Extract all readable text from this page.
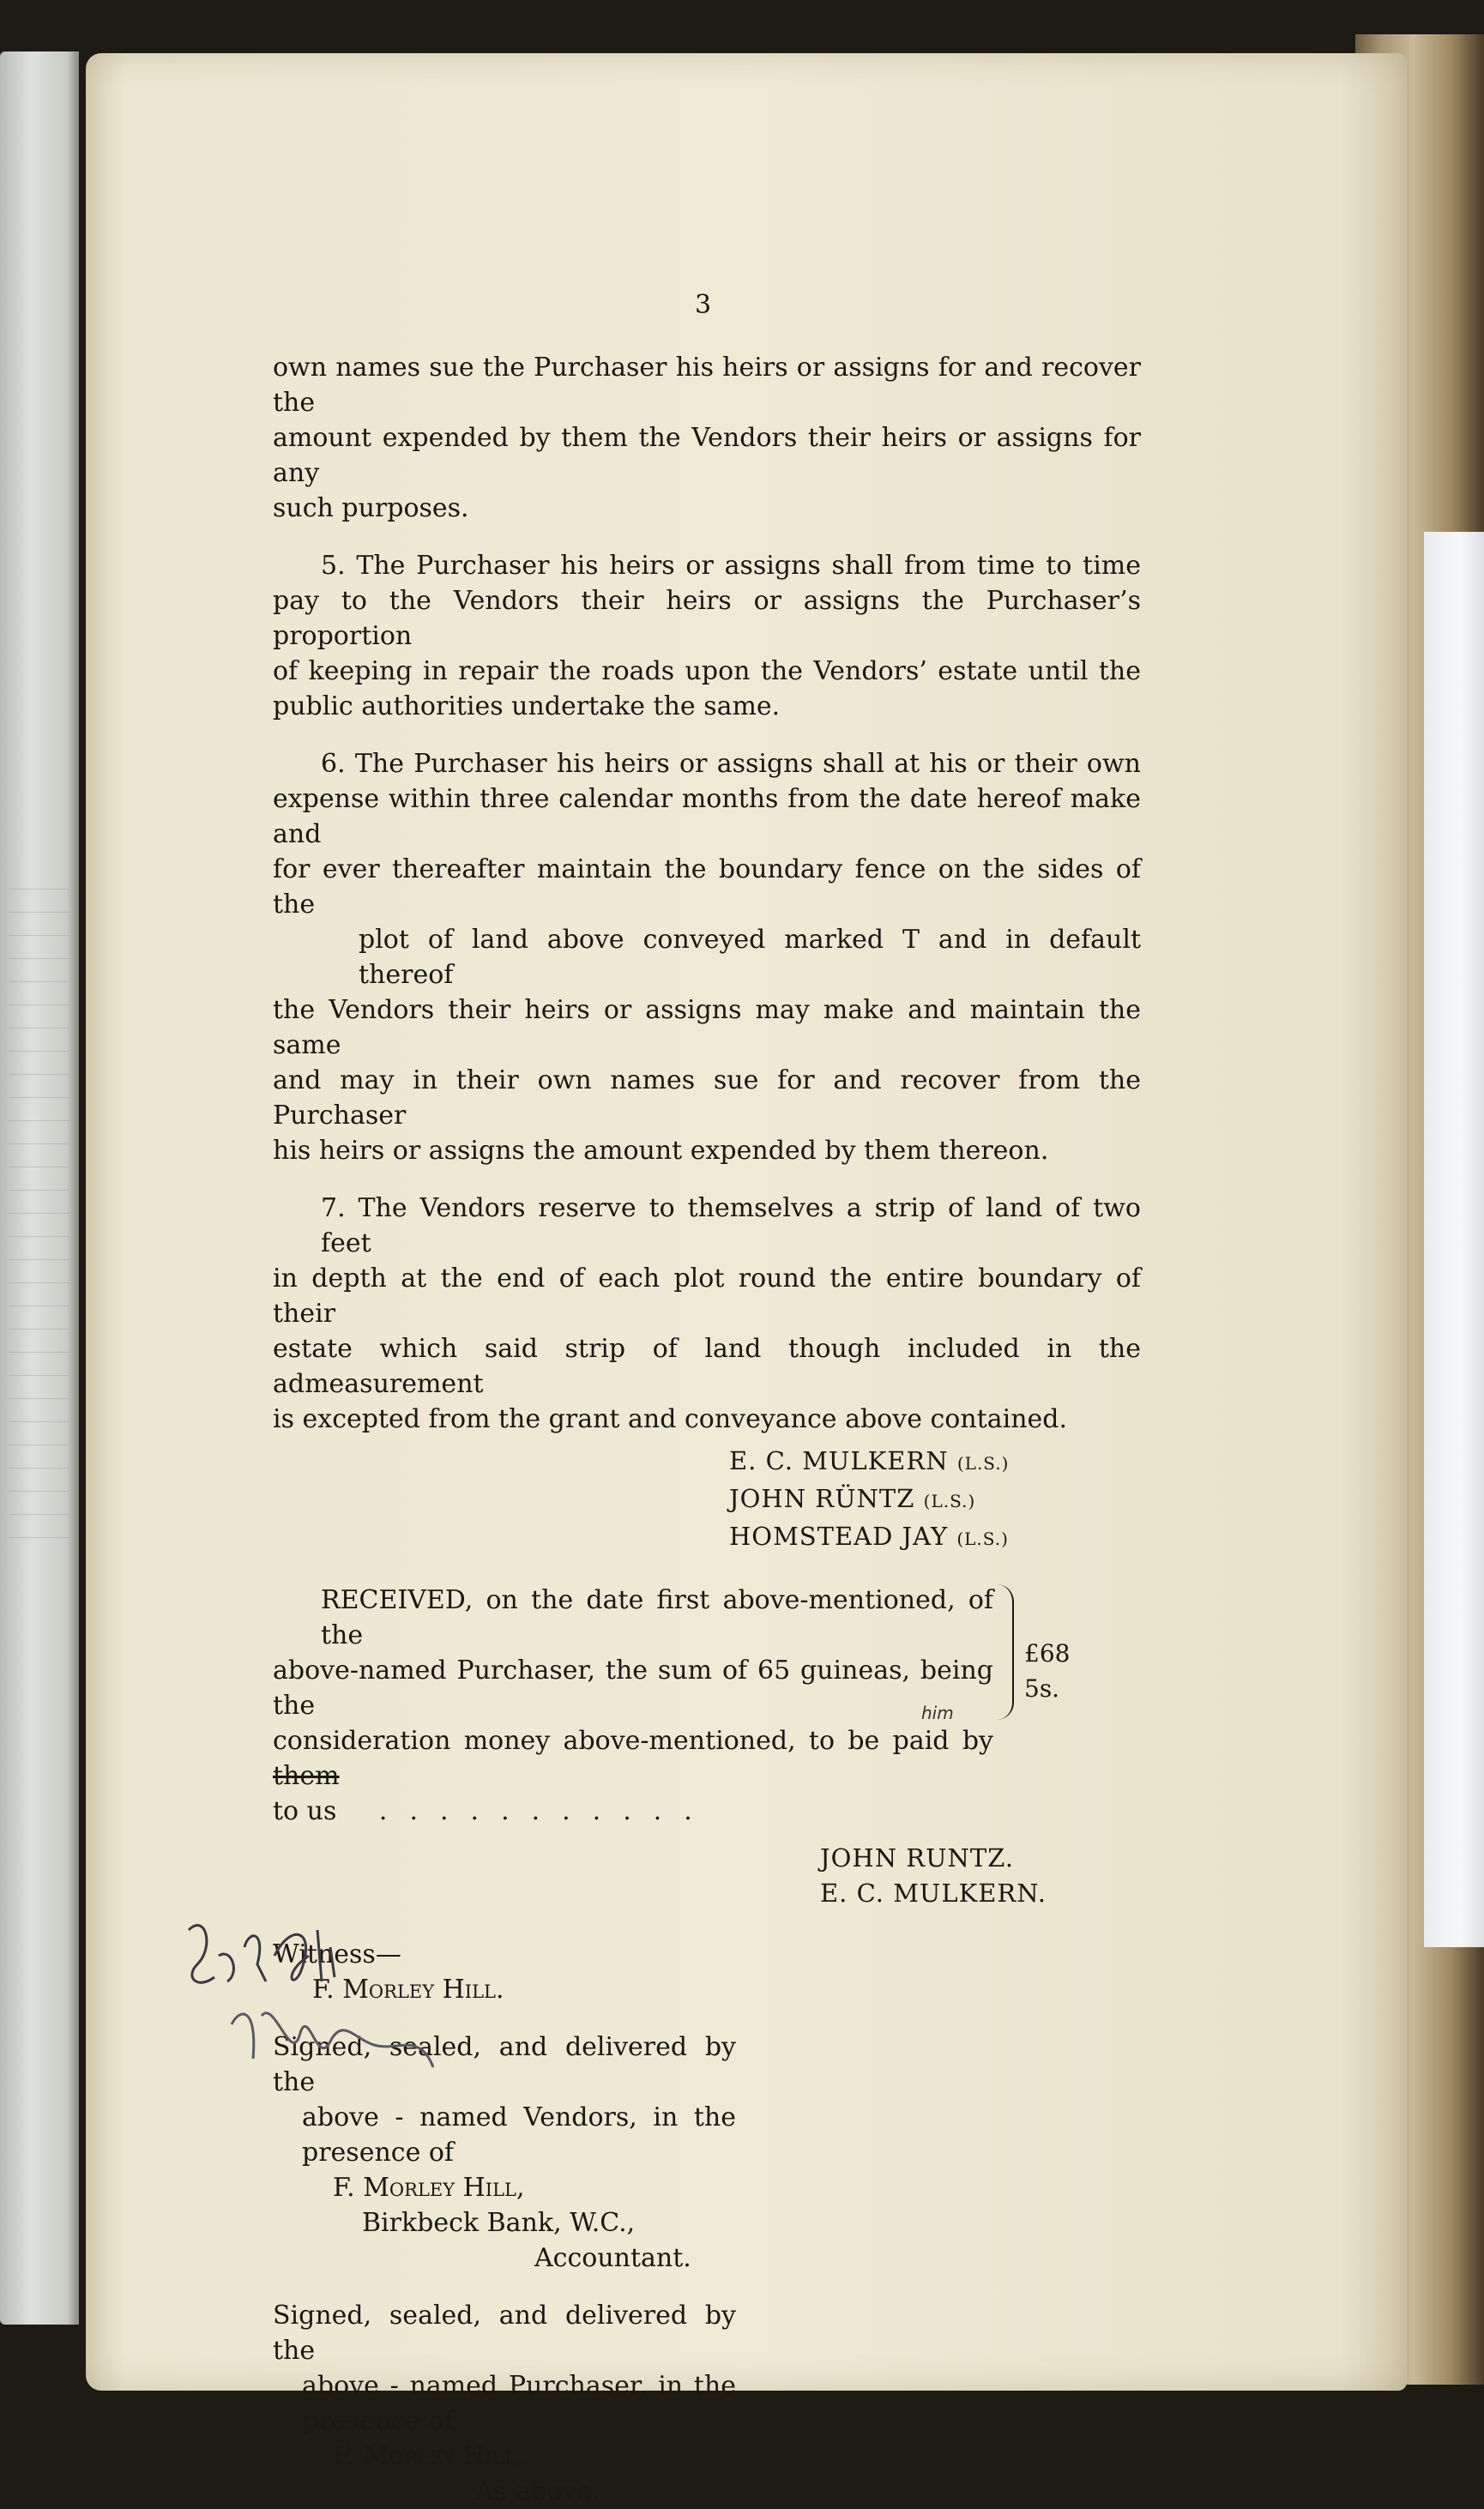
3

own names sue the Purchaser his heirs or assigns for and recover the

amount expended by them the Vendors their heirs or assigns for any

such purposes.

5. The Purchaser his heirs or assigns shall from time to time

pay to the Vendors their heirs or assigns the Purchaser’s proportion

of keeping in repair the roads upon the Vendors’ estate until the

public authorities undertake the same.

6. The Purchaser his heirs or assigns shall at his or their own

expense within three calendar months from the date hereof make and

for ever thereafter maintain the boundary fence on the sides of the

plot of land above conveyed marked T and in default thereof

the Vendors their heirs or assigns may make and maintain the same

and may in their own names sue for and recover from the Purchaser

his heirs or assigns the amount expended by them thereon.

7. The Vendors reserve to themselves a strip of land of two feet

in depth at the end of each plot round the entire boundary of their

estate which said strip of land though included in the admeasurement

is excepted from the grant and conveyance above contained.

E. C. MULKERN (L.S.)
JOHN RÜNTZ (L.S.)
HOMSTEAD JAY (L.S.)

RECEIVED, on the date first above-mentioned, of the

above-named Purchaser, the sum of 65 guineas, being the

consideration money above-mentioned, to be paid by them

to us ...........

him
£68 5s.
JOHN RUNTZ.
E. C. MULKERN.
Witness—
F. Morley Hill.

Signed, sealed, and delivered by the

above - named Vendors, in the

presence of

F. Morley Hill,

Birkbeck Bank, W.C.,

Accountant.

Signed, sealed, and delivered by the

above - named Purchaser, in the

presence of

F. Morley Hill,

As above.
